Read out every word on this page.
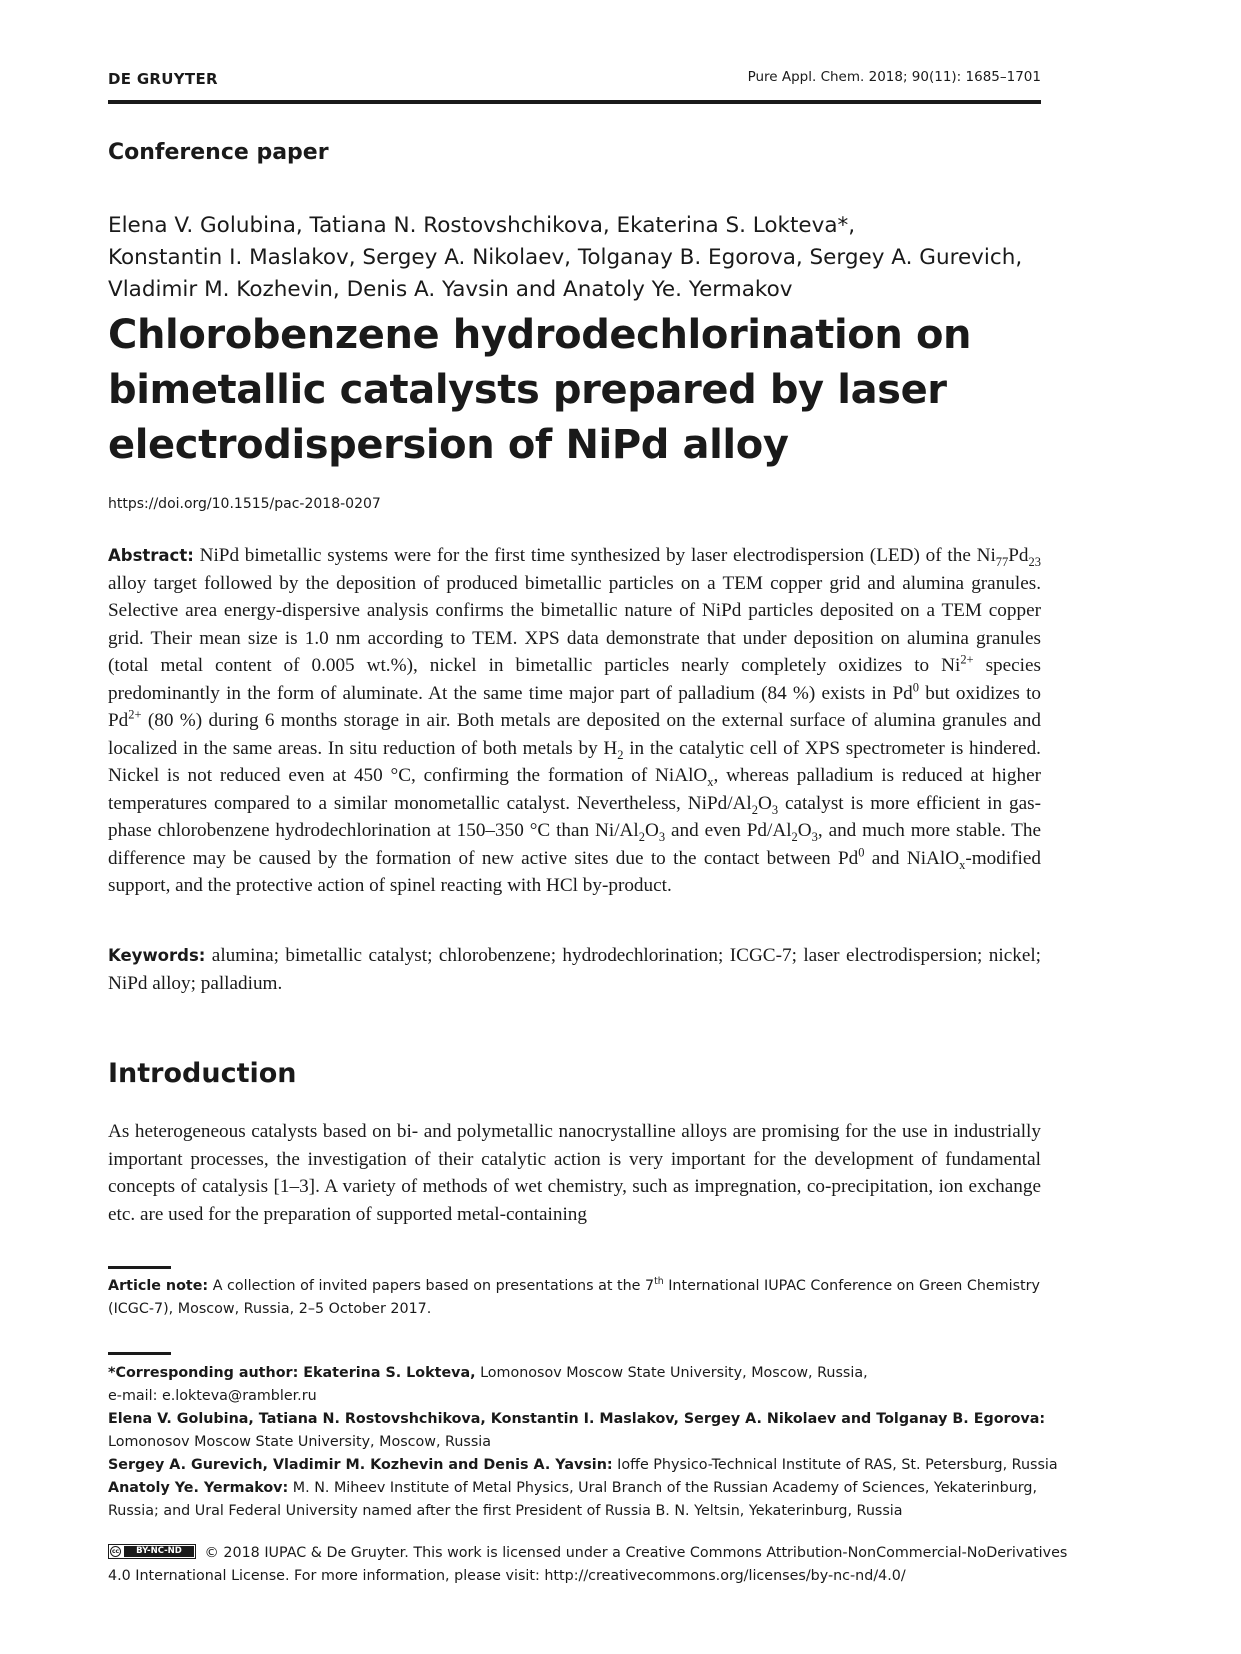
DE GRUYTER	Pure Appl. Chem. 2018; 90(11): 1685–1701
Conference paper
Elena V. Golubina, Tatiana N. Rostovshchikova, Ekaterina S. Lokteva*,
Konstantin I. Maslakov, Sergey A. Nikolaev, Tolganay B. Egorova, Sergey A. Gurevich,
Vladimir M. Kozhevin, Denis A. Yavsin and Anatoly Ye. Yermakov
Chlorobenzene hydrodechlorination on
bimetallic catalysts prepared by laser
electrodispersion of NiPd alloy
https://doi.org/10.1515/pac-2018-0207
Abstract: NiPd bimetallic systems were for the first time synthesized by laser electrodispersion (LED) of the $Ni_{77}Pd_{23}$ alloy target followed by the deposition of produced bimetallic particles on a TEM copper grid and alumina granules. Selective area energy-dispersive analysis confirms the bimetallic nature of NiPd particles deposited on a TEM copper grid. Their mean size is 1.0 nm according to TEM. XPS data demonstrate that under deposition on alumina granules (total metal content of 0.005 wt.%), nickel in bimetallic particles nearly completely oxidizes to $Ni^{2+}$ species predominantly in the form of aluminate. At the same time major part of palladium (84 %) exists in Pd$^0$ but oxidizes to $Pd^{2+}$ (80 %) during 6 months storage in air. Both metals are deposited on the external surface of alumina granules and localized in the same areas. In situ reduction of both metals by $H_2$ in the catalytic cell of XPS spectrometer is hindered. Nickel is not reduced even at 450 °C, confirming the formation of NiAlO$_x$, whereas palladium is reduced at higher temperatures compared to a similar monometallic catalyst. Nevertheless, NiPd/$Al_2O_3$ catalyst is more efficient in gas-phase chlorobenzene hydrodechlorination at 150–350 °C than $Ni/Al_2O_3$ and even $Pd/Al_2O_3$, and much more stable. The difference may be caused by the formation of new active sites due to the contact between Pd$^0$ and NiAlO$_x$-modified support, and the protective action of spinel reacting with HCl by-product.
Keywords: alumina; bimetallic catalyst; chlorobenzene; hydrodechlorination; ICGC-7; laser electrodispersion; nickel; NiPd alloy; palladium.
Introduction
As heterogeneous catalysts based on bi- and polymetallic nanocrystalline alloys are promising for the use in industrially important processes, the investigation of their catalytic action is very important for the development of fundamental concepts of catalysis [1–3]. A variety of methods of wet chemistry, such as impregnation, co-precipitation, ion exchange etc. are used for the preparation of supported metal-containing
Article note: A collection of invited papers based on presentations at the 7th International IUPAC Conference on Green Chemistry
(ICGC-7), Moscow, Russia, 2–5 October 2017.
*Corresponding author: Ekaterina S. Lokteva, Lomonosov Moscow State University, Moscow, Russia,
e-mail: e.lokteva@rambler.ru
Elena V. Golubina, Tatiana N. Rostovshchikova, Konstantin I. Maslakov, Sergey A. Nikolaev and Tolganay B. Egorova:
Lomonosov Moscow State University, Moscow, Russia
Sergey A. Gurevich, Vladimir M. Kozhevin and Denis A. Yavsin: Ioffe Physico-Technical Institute of RAS, St. Petersburg, Russia
Anatoly Ye. Yermakov: M. N. Miheev Institute of Metal Physics, Ural Branch of the Russian Academy of Sciences, Yekaterinburg,
Russia; and Ural Federal University named after the first President of Russia B. N. Yeltsin, Yekaterinburg, Russia
cc	BY-NC-ND	© 2018 IUPAC & De Gruyter. This work is licensed under a Creative Commons Attribution-NonCommercial-NoDerivatives
4.0 International License. For more information, please visit: http://creativecommons.org/licenses/by-nc-nd/4.0/
